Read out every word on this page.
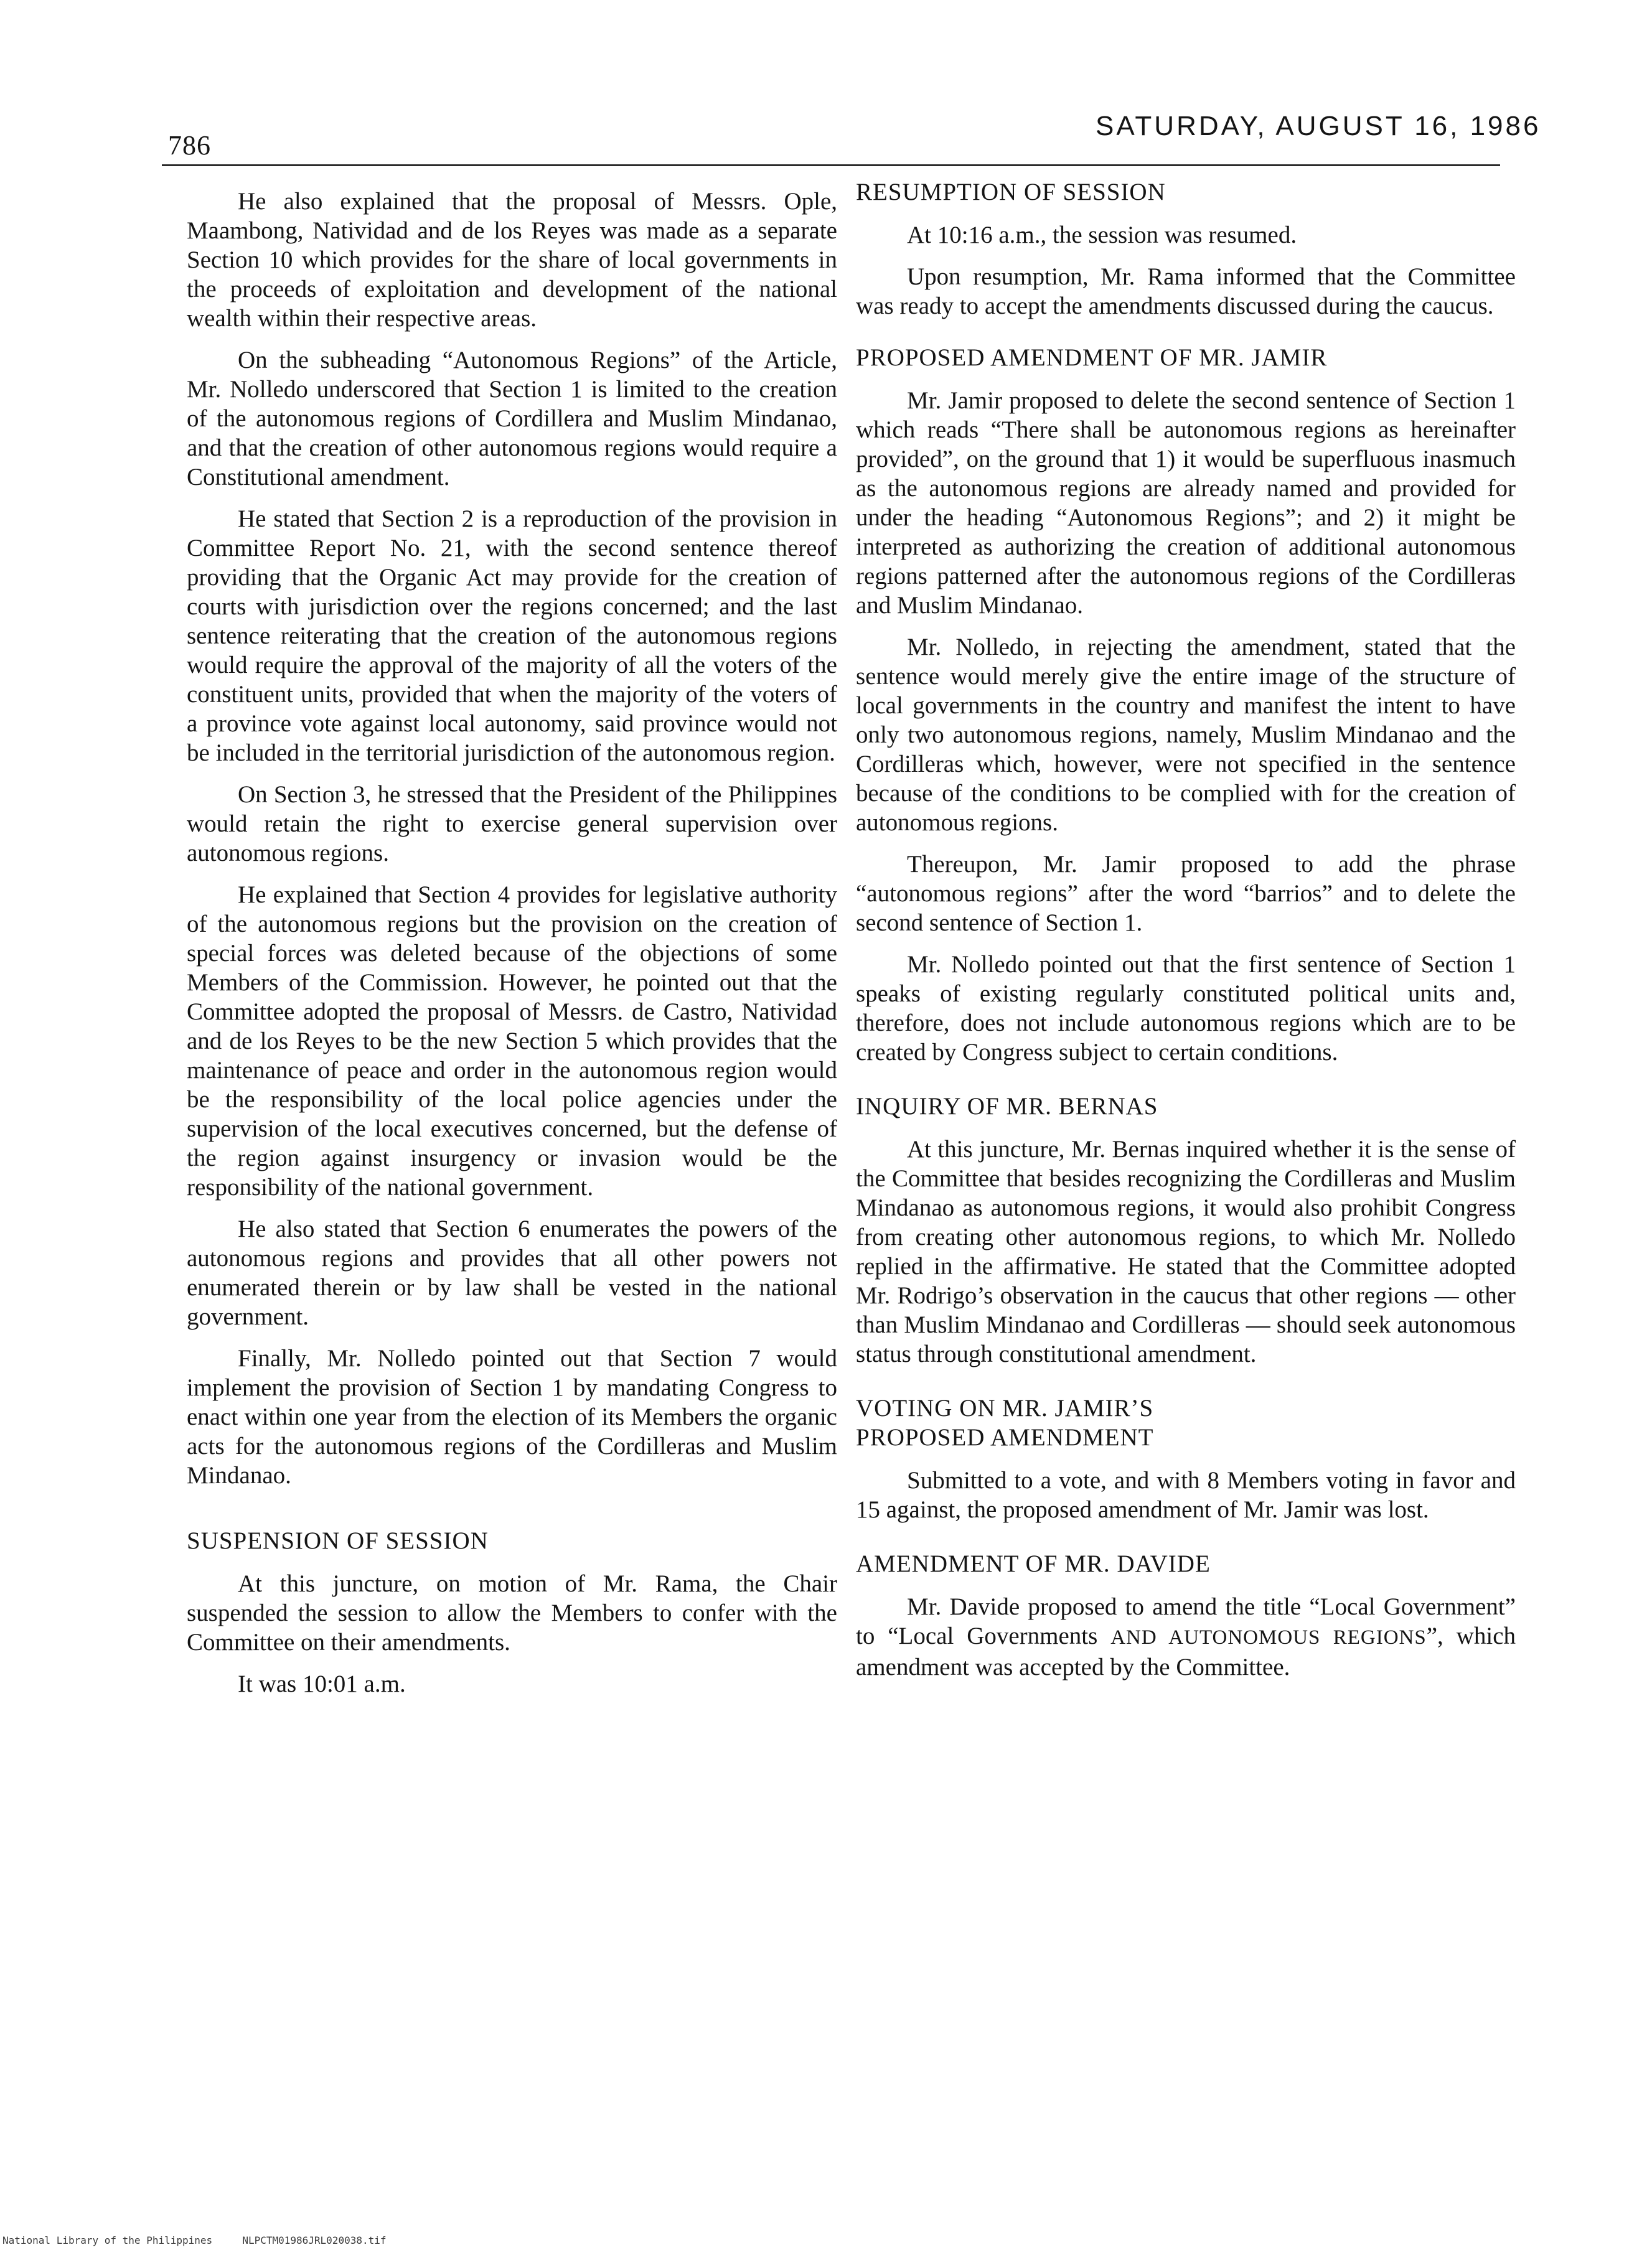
786
SATURDAY, AUGUST 16, 1986

He also explained that the proposal of Messrs. Ople, Maambong, Natividad and de los Reyes was made as a separate Section 10 which provides for the share of local governments in the proceeds of exploitation and development of the national wealth within their respective areas.

On the subheading “Autonomous Regions” of the Article, Mr. Nolledo underscored that Section 1 is limited to the creation of the autonomous regions of Cordillera and Muslim Mindanao, and that the creation of other autonomous regions would require a Constitutional amendment.

He stated that Section 2 is a reproduction of the provision in Committee Report No. 21, with the second sentence thereof providing that the Organic Act may provide for the creation of courts with jurisdiction over the regions concerned; and the last sentence reiterating that the creation of the autonomous regions would require the approval of the majority of all the voters of the constituent units, provided that when the majority of the voters of a province vote against local autonomy, said province would not be included in the territorial jurisdiction of the autonomous region.

On Section 3, he stressed that the President of the Philippines would retain the right to exercise general supervision over autonomous regions.

He explained that Section 4 provides for legislative authority of the autonomous regions but the provision on the creation of special forces was deleted because of the objections of some Members of the Commission. However, he pointed out that the Committee adopted the proposal of Messrs. de Castro, Natividad and de los Reyes to be the new Section 5 which provides that the maintenance of peace and order in the autonomous region would be the responsibility of the local police agencies under the supervision of the local executives concerned, but the defense of the region against insurgency or invasion would be the responsibility of the national government.

He also stated that Section 6 enumerates the powers of the autonomous regions and provides that all other powers not enumerated therein or by law shall be vested in the national government.

Finally, Mr. Nolledo pointed out that Section 7 would implement the provision of Section 1 by mandating Congress to enact within one year from the election of its Members the organic acts for the autonomous regions of the Cordilleras and Muslim Mindanao.

SUSPENSION OF SESSION

At this juncture, on motion of Mr. Rama, the Chair suspended the session to allow the Members to confer with the Committee on their amendments.

It was 10:01 a.m.

RESUMPTION OF SESSION

At 10:16 a.m., the session was resumed.

Upon resumption, Mr. Rama informed that the Committee was ready to accept the amendments discussed during the caucus.

PROPOSED AMENDMENT OF MR. JAMIR

Mr. Jamir proposed to delete the second sentence of Section 1 which reads “There shall be autonomous regions as hereinafter provided”, on the ground that 1) it would be superfluous inasmuch as the autonomous regions are already named and provided for under the heading “Autonomous Regions”; and 2) it might be interpreted as authorizing the creation of additional autonomous regions patterned after the autonomous regions of the Cordilleras and Muslim Mindanao.

Mr. Nolledo, in rejecting the amendment, stated that the sentence would merely give the entire image of the structure of local governments in the country and manifest the intent to have only two autonomous regions, namely, Muslim Mindanao and the Cordilleras which, however, were not specified in the sentence because of the conditions to be complied with for the creation of autonomous regions.

Thereupon, Mr. Jamir proposed to add the phrase “autonomous regions” after the word “barrios” and to delete the second sentence of Section 1.

Mr. Nolledo pointed out that the first sentence of Section 1 speaks of existing regularly constituted political units and, therefore, does not include autonomous regions which are to be created by Congress subject to certain conditions.

INQUIRY OF MR. BERNAS

At this juncture, Mr. Bernas inquired whether it is the sense of the Committee that besides recognizing the Cordilleras and Muslim Mindanao as autonomous regions, it would also prohibit Congress from creating other autonomous regions, to which Mr. Nolledo replied in the affirmative. He stated that the Committee adopted Mr. Rodrigo’s observation in the caucus that other regions — other than Muslim Mindanao and Cordilleras — should seek autonomous status through constitutional amendment.

VOTING ON MR. JAMIR’S
PROPOSED AMENDMENT

Submitted to a vote, and with 8 Members voting in favor and 15 against, the proposed amendment of Mr. Jamir was lost.

AMENDMENT OF MR. DAVIDE

Mr. Davide proposed to amend the title “Local Government” to “Local Governments AND AUTONOMOUS REGIONS”, which amendment was accepted by the Committee.

National Library of the Philippines     NLPCTM01986JRL020038.tif
